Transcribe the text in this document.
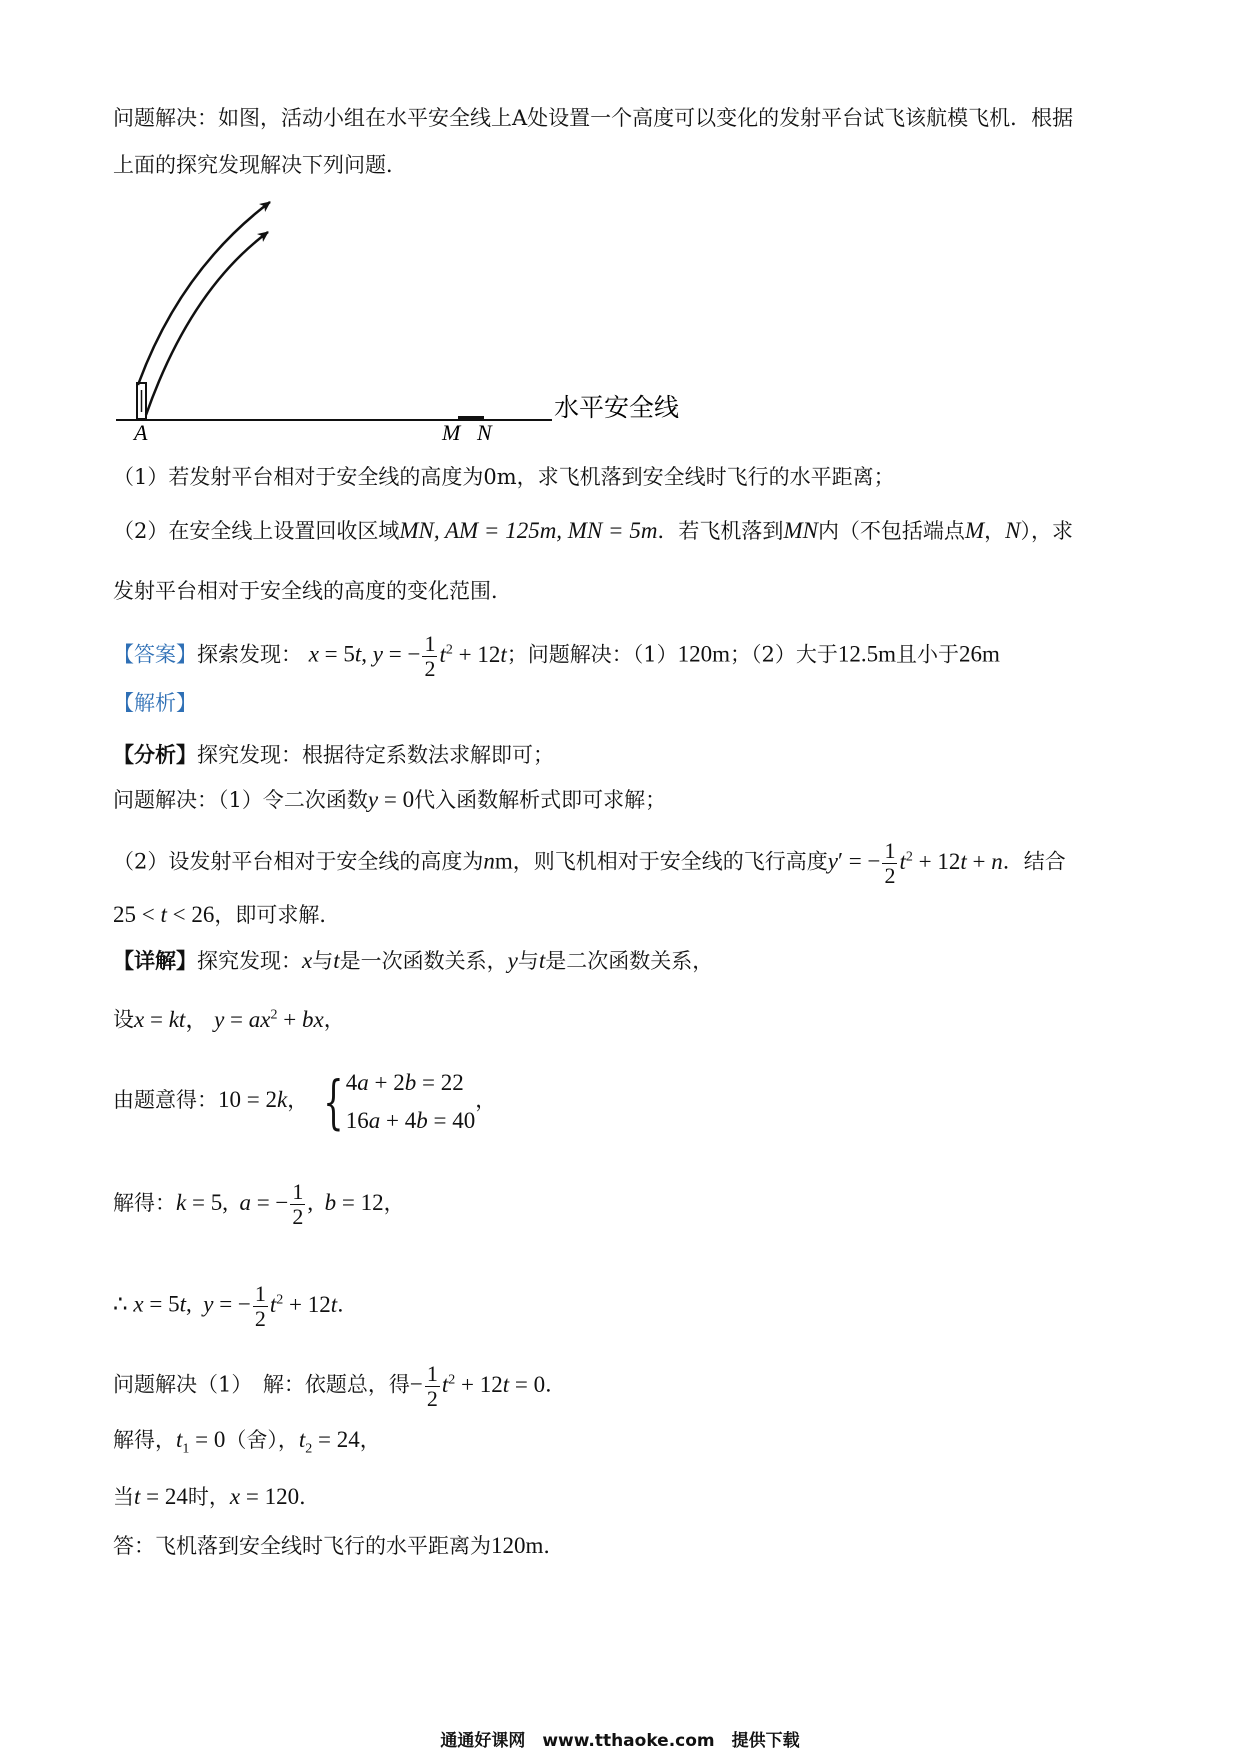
问题解决：如图，活动小组在水平安全线上A处设置一个高度可以变化的发射平台试飞该航模飞机．根据
上面的探究发现解决下列问题．
A	M N
水平安全线
（1）若发射平台相对于安全线的高度为0m，求飞机落到安全线时飞行的水平距离；
（2）在安全线上设置回收区域MN, AM = 125m, MN = 5m．若飞机落到MN内（不包括端点M，N），求
发射平台相对于安全线的高度的变化范围．
【答案】探索发现： x = 5t, y = − $\frac{1}{2} t^2 + 12t$；问题解决：（1）120m；（2）大于12.5m且小于26m
【解析】
【分析】探究发现：根据待定系数法求解即可；
问题解决：（1）令二次函数y = 0代入函数解析式即可求解；
（2）设发射平台相对于安全线的高度为nm，则飞机相对于安全线的飞行高度y′ = − $\frac{1}{2} t^2 + 12t + n$．结合
25 < t < 26，即可求解．
【详解】探究发现：x与t是一次函数关系，y与t是二次函数关系，
设x = kt， $y = ax^2$ + bx，
由题意得：10 = 2k， { 4a + 2b = 22
16a + 4b = 40
，
解得：k = 5,  a = − $\frac{1}{2}$ ,  b = 12，
∴ x = 5t,  y = − $\frac{1}{2} t^2 + 12t$．
问题解决（1）　解：依题总，得− $\frac{1}{2} t^2 + 12t = 0$．
解得，$t_1 = 0$（舍），$t_2 = 24$，
当t = 24时，x = 120．
答：飞机落到安全线时飞行的水平距离为120m．
通通好课网　www.tthaoke.com　提供下载
